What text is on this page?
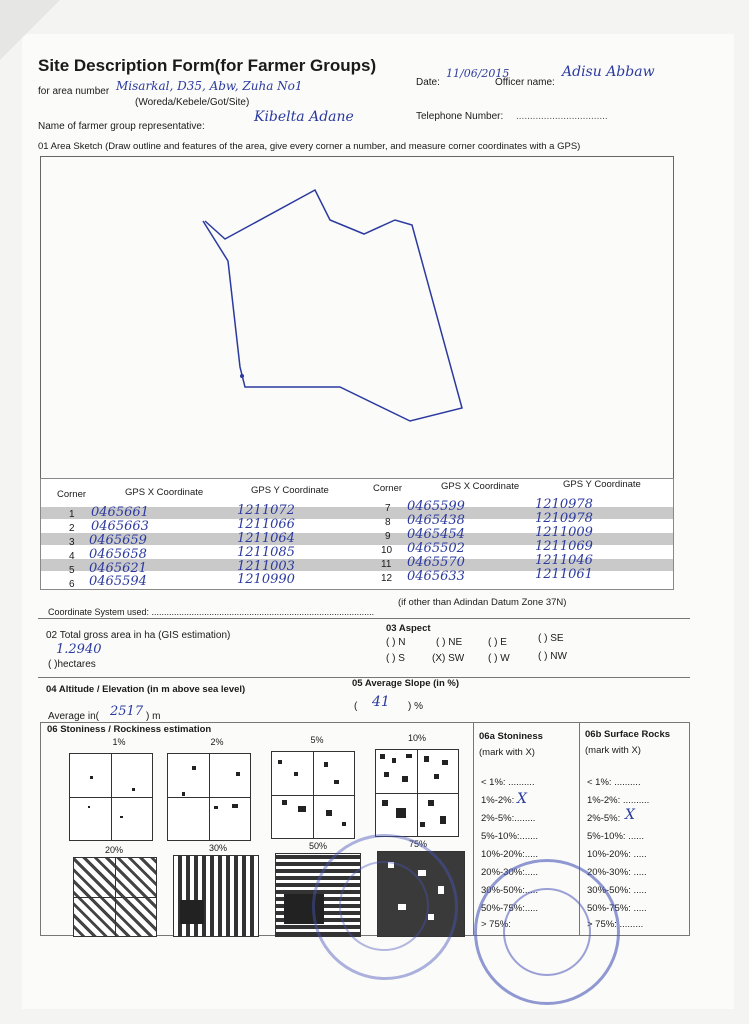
Site Description Form(for Farmer Groups)
for area number Misarkal, D35, Abw, Zuha No1
(Woreda/Kebele/Got/Site)
Date:
11/06/2015
Officer name:
Adisu Abbaw
Name of farmer group representative:
Kibelta Adane	Telephone Number: .................................
01 Area Sketch (Draw outline and features of the area, give every corner a number, and measure corner coordinates with a GPS)
Corner	GPS X Coordinate	GPS Y Coordinate	Corner	GPS X Coordinate	GPS Y Coordinate
1 0465661	1211072
2 0465663	1211066
3 0465659	1211064
4 0465658	1211085
5 0465621	1211003
6 0465594	1210990
7 0465599	1210978
8 0465438	1210978
9 0465454	1211009
10 0465502	1211069
11 0465570	1211046
12 0465633	1211061
Coordinate System used: .........................................................................................
(if other than Adindan Datum Zone 37N)
02 Total gross area in ha (GIS estimation)
1.2940
( )hectares
03 Aspect
( ) N	( ) NE	( ) E	( ) SE
( ) S	(X) SW ( ) W	( ) NW
04 Altitude / Elevation (in m above sea level)
Average in( 2517 ) m
05 Average Slope (in %)
( 41 ) %
06 Stoniness / Rockiness estimation
1%	2%	5%	10%
20%	30%	50%	75%
06a Stoniness
(mark with X)
< 1%: ..........
1%-2%: X
2%-5%:........
5%-10%:.......
10%-20%:.....
20%-30%:.....
30%-50%:.....
50%-75%:.....
> 75%:
06b Surface Rocks
(mark with X)
< 1%: ..........
1%-2%: ..........
2%-5%: X
5%-10%: ......
10%-20%: .....
20%-30%: .....
30%-50%: .....
50%-75%: .....
> 75%: .........
